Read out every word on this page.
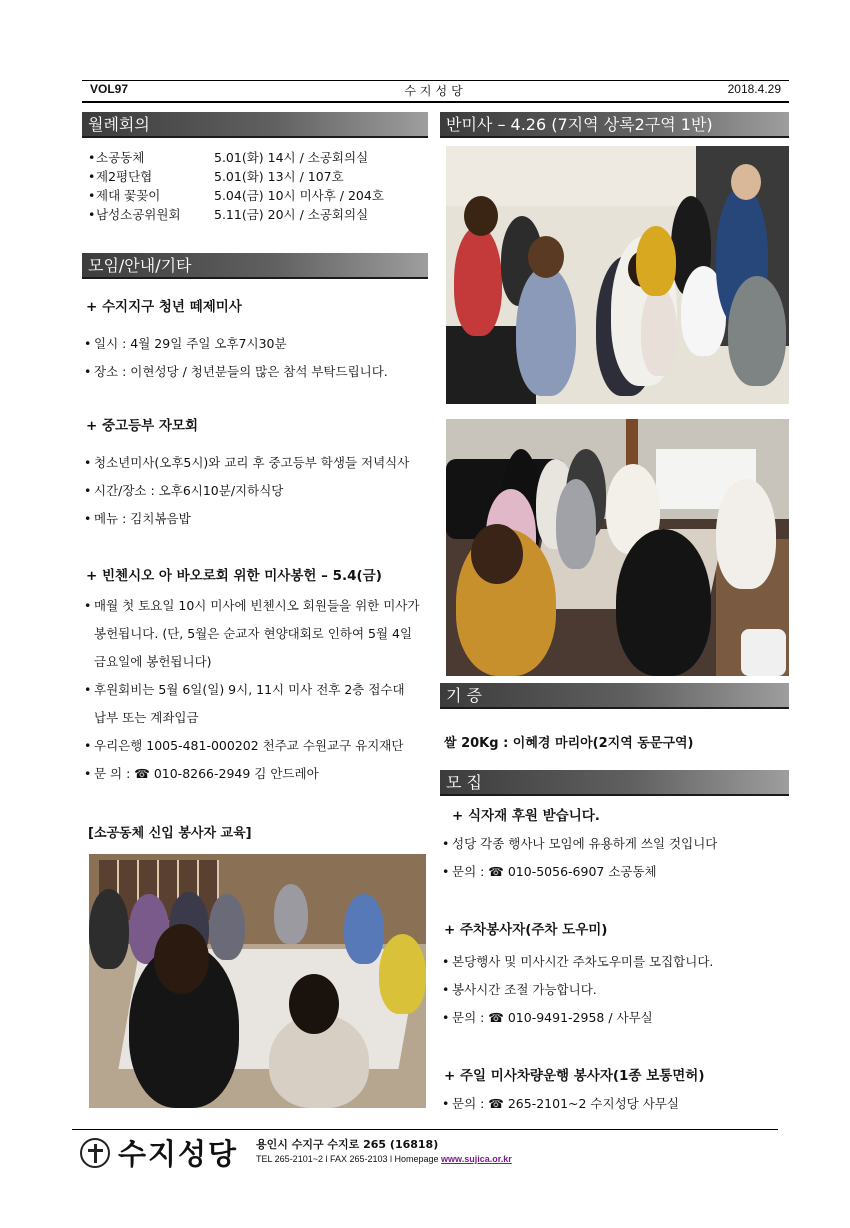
VOL97	수지성당	2018.4.29
월례회의
• 소공동체	5.01(화) 14시 / 소공회의실
• 제2평단협	5.01(화) 13시 / 107호
• 제대 꽃꽂이	5.04(금) 10시 미사후 / 204호
• 남성소공위원회	5.11(금) 20시 / 소공회의실
모임/안내/기타
+ 수지지구 청년 떼제미사
• 일시 : 4월 29일 주일 오후7시30분
• 장소 : 이현성당 / 청년분들의 많은 참석 부탁드립니다.
+ 중고등부 자모회
• 청소년미사(오후5시)와 교리 후 중고등부 학생들 저녁식사
• 시간/장소 : 오후6시10분/지하식당
• 메뉴 : 김치볶음밥
+ 빈첸시오 아 바오로회 위한 미사봉헌 – 5.4(금)
• 매월 첫 토요일 10시 미사에 빈첸시오 회원들을 위한 미사가
봉헌됩니다. (단, 5월은 순교자 현양대회로 인하여 5월 4일
금요일에 봉헌됩니다)
• 후원회비는 5월 6일(일) 9시, 11시 미사 전후 2층 접수대
납부 또는 계좌입금
• 우리은행 1005-481-000202 천주교 수원교구 유지재단
• 문 의 : ☎ 010-8266-2949 김 안드레아
[소공동체 신입 봉사자 교육]
반미사 – 4.26 (7지역 상록2구역 1반)
기 증
쌀 20Kg : 이혜경 마리아(2지역 동문구역)
모 집
+ 식자재 후원 받습니다.
• 성당 각종 행사나 모임에 유용하게 쓰일 것입니다
• 문의 : ☎ 010-5056-6907 소공동체
+ 주차봉사자(주차 도우미)
• 본당행사 및 미사시간 주차도우미를 모집합니다.
• 봉사시간 조절 가능합니다.
• 문의 : ☎ 010-9491-2958 / 사무실
+ 주일 미사차량운행 봉사자(1종 보통면허)
• 문의 : ☎ 265-2101~2 수지성당 사무실
수지성당 용인시 수지구 수지로 265 (16818)
TEL 265-2101~2 l FAX 265-2103 l Homepage www.sujica.or.kr
